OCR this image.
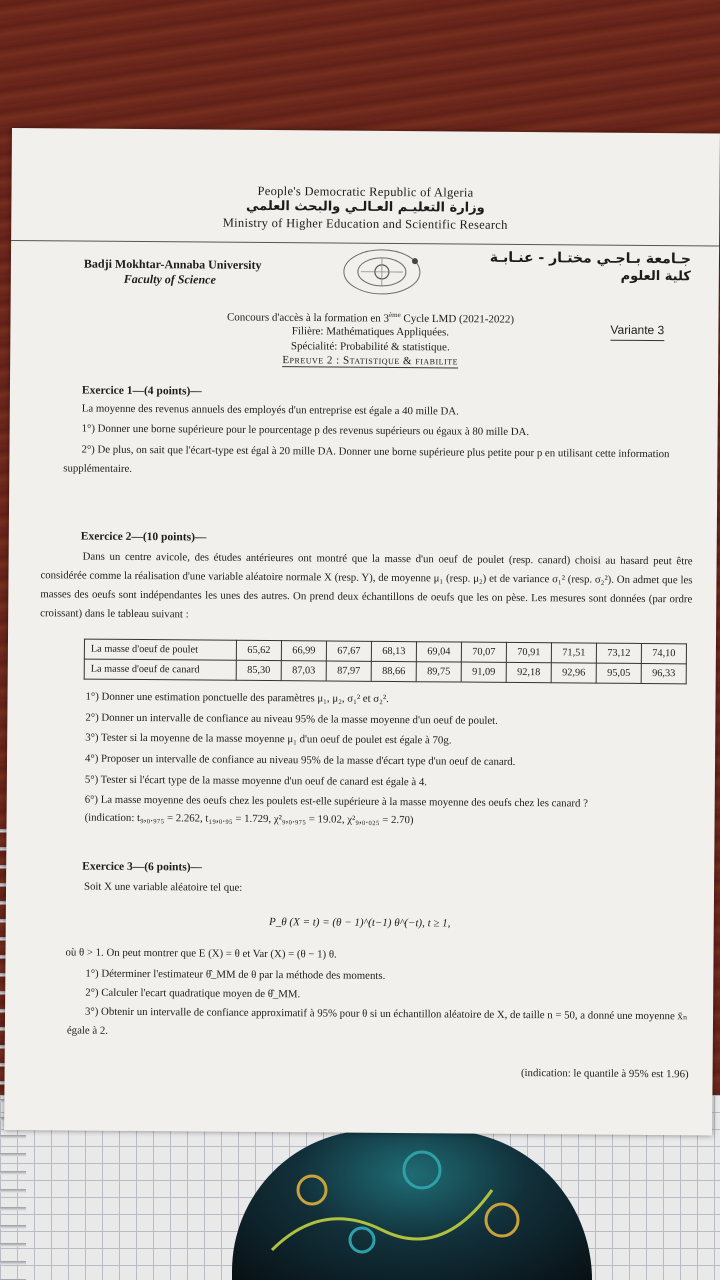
People's Democratic Republic of Algeria
وزارة التعليـم العـالـي والبحث العلمي
Ministry of Higher Education and Scientific Research
Badji Mokhtar-Annaba University
Faculty of Science
جـامعة بـاجـي مختـار - عنـابـة
كلية العلوم
Concours d'accès à la formation en 3ème Cycle LMD (2021-2022)
Filière: Mathématiques Appliquées.
Spécialité: Probabilité & statistique.
Epreuve 2 : Statistique & fiabilite
Variante 3
Exercice 1—(4 points)—
La moyenne des revenus annuels des employés d'un entreprise est égale a 40 mille DA.
1°) Donner une borne supérieure pour le pourcentage p des revenus supérieurs ou égaux à 80 mille DA.
2°) De plus, on sait que l'écart-type est égal à 20 mille DA. Donner une borne supérieure plus petite pour p en utilisant cette information supplémentaire.
Exercice 2—(10 points)—
Dans un centre avicole, des études antérieures ont montré que la masse d'un oeuf de poulet (resp. canard) choisi au hasard peut être considérée comme la réalisation d'une variable aléatoire normale X (resp. Y), de moyenne μ₁ (resp. μ₂) et de variance σ₁² (resp. σ₂²). On admet que les masses des oeufs sont indépendantes les unes des autres. On prend deux échantillons de oeufs que les on pèse. Les mesures sont données (par ordre croissant) dans le tableau suivant :
La masse d'oeuf de poulet	65,62	66,99	67,67	68,13	69,04	70,07	70,91	71,51	73,12	74,10
La masse d'oeuf de canard	85,30	87,03	87,97	88,66	89,75	91,09	92,18	92,96	95,05	96,33
1°) Donner une estimation ponctuelle des paramètres μ₁, μ₂, σ₁² et σ₂².
2°) Donner un intervalle de confiance au niveau 95% de la masse moyenne d'un oeuf de poulet.
3°) Tester si la moyenne de la masse moyenne μ₁ d'un oeuf de poulet est égale à 70g.
4°) Proposer un intervalle de confiance au niveau 95% de la masse d'écart type d'un oeuf de canard.
5°) Tester si l'écart type de la masse moyenne d'un oeuf de canard est égale à 4.
6°) La masse moyenne des oeufs chez les poulets est-elle supérieure à la masse moyenne des oeufs chez les canard ?
(indication: t₉,₀.₉₇₅ = 2.262, t₁₉,₀.₉₅ = 1.729, χ²₉,₀.₉₇₅ = 19.02, χ²₉,₀.₀₂₅ = 2.70)
Exercice 3—(6 points)—
Soit X une variable aléatoire tel que:
P_θ (X = t) = (θ − 1)^(t−1) θ^(−t), t ≥ 1,
où θ > 1. On peut montrer que E (X) = θ et Var (X) = (θ − 1) θ.
1°) Déterminer l'estimateur θ̂_MM de θ par la méthode des moments.
2°) Calculer l'ecart quadratique moyen de θ̂_MM.
3°) Obtenir un intervalle de confiance approximatif à 95% pour θ si un échantillon aléatoire de X, de taille n = 50, a donné une moyenne x̄ₙ égale à 2.
(indication: le quantile à 95% est 1.96)
